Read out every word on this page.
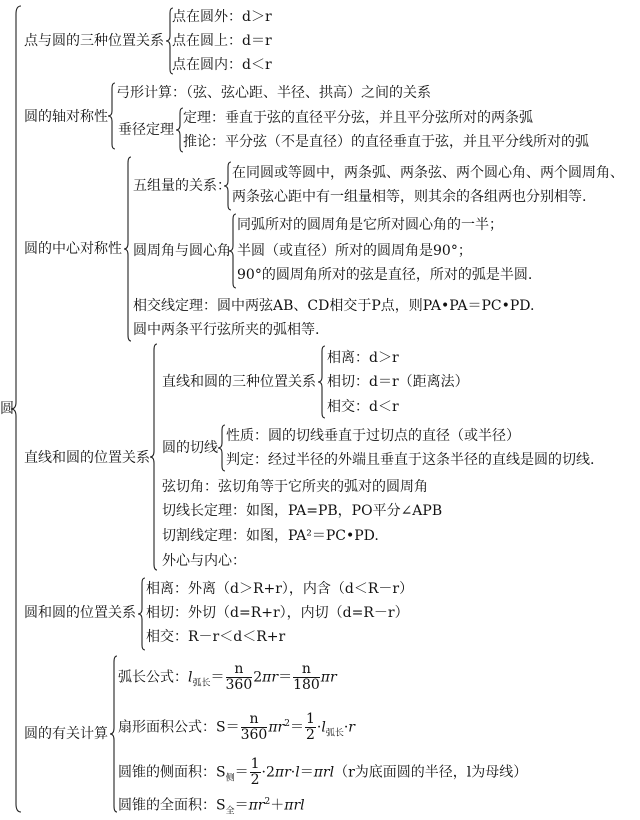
圆
点与圆的三种位置关系
点在圆外：d＞r
点在圆上：d＝r
点在圆内：d＜r
圆的轴对称性
弓形计算：（弦、弦心距、半径、拱高）之间的关系
垂径定理
定理：垂直于弦的直径平分弦，并且平分弦所对的两条弧
推论：平分弦（不是直径）的直径垂直于弦，并且平分线所对的弧
圆的中心对称性
五组量的关系：
在同圆或等圆中，两条弧、两条弦、两个圆心角、两个圆周角、
两条弦心距中有一组量相等，则其余的各组两也分别相等.
圆周角与圆心角
同弧所对的圆周角是它所对圆心角的一半；
半圆（或直径）所对的圆周角是90°；
90°的圆周角所对的弦是直径，所对的弧是半圆.
相交线定理：圆中两弦AB、CD相交于P点，则PA•PA＝PC•PD.
圆中两条平行弦所夹的弧相等.
直线和圆的位置关系
直线和圆的三种位置关系
相离：d＞r
相切：d＝r（距离法）
相交：d＜r
圆的切线
性质：圆的切线垂直于过切点的直径（或半径）
判定：经过半径的外端且垂直于这条半径的直线是圆的切线.
弦切角：弦切角等于它所夹的弧对的圆周角
切线长定理：如图，PA=PB，PO平分∠APB
切割线定理：如图，PA²＝PC•PD.
外心与内心：
圆和圆的位置关系
相离：外离（d＞R+r），内含（d＜R－r）
相切：外切（d=R+r），内切（d=R－r）
相交：R－r＜d＜R+r
圆的有关计算
弧长公式：$l_{弧长}= \frac{n}{360} 2\pi r= \frac{n}{180}$ πr
扇形面积公式：$S= \frac{n}{360} \pi r^2= \frac{1}{2} \cdot l_{弧长}\cdot r$
圆锥的侧面积：$S_侧= \frac{1}{2} \cdot 2\pi r\cdot l=\pi rl(r$为底面圆的半径，l为母线）
圆锥的全面积：$S_全=\pi r^2+\pi rl$
